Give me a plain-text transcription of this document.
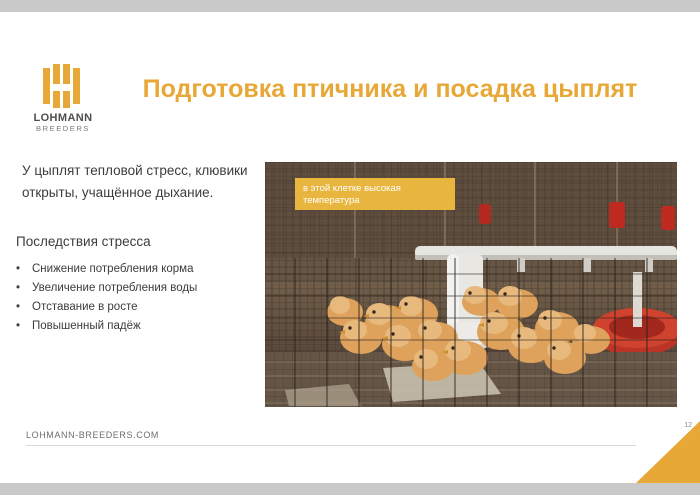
LOHMANN
BREEDERS
Подготовка птичника и посадка цыплят
У цыплят тепловой стресс, клювики открыты, учащённое дыхание.
Последствия стресса
•	Снижение потребления корма
•	Увеличение потребления воды
•	Отставание в росте
•	Повышенный падёж
в этой клетке высокая температура
LOHMANN-BREEDERS.COM
12
